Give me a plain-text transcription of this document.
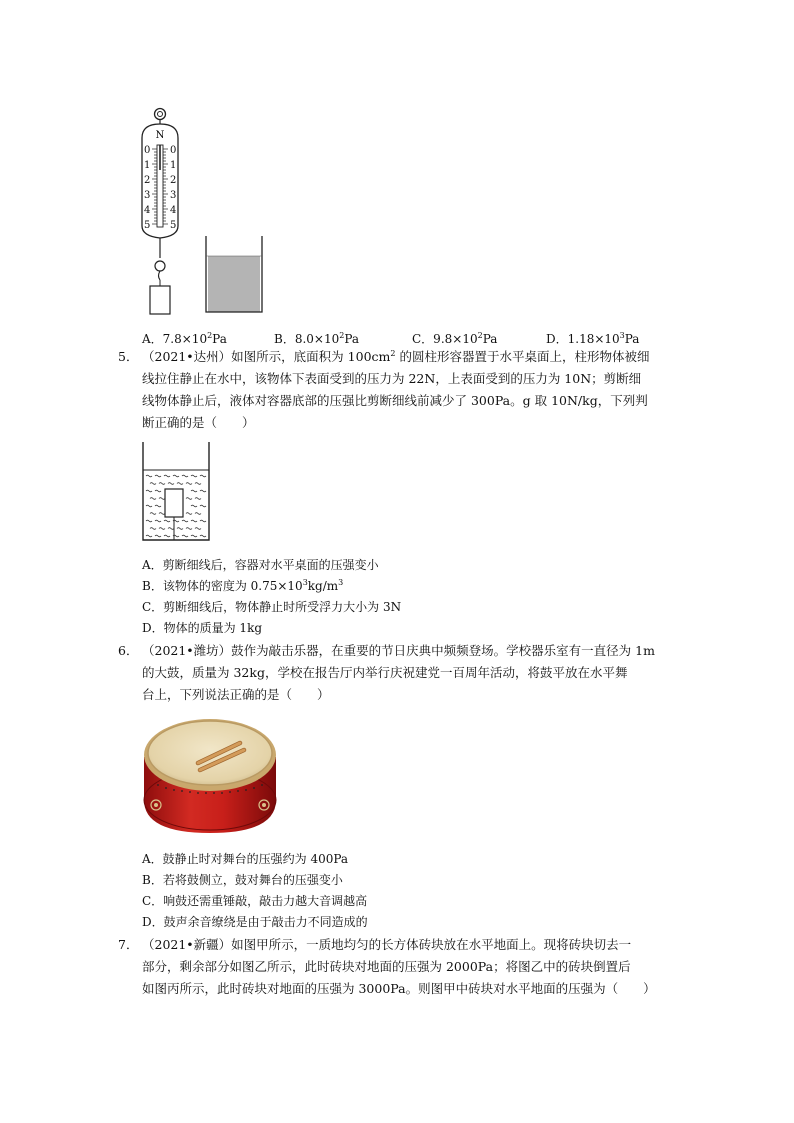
N
0
1
2
3
4
5
0
1
2
3
4
5
A．$7.8\times 10^2Pa$	B．$8.0\times 10^2Pa$	C．$9.8\times 10^2Pa$	D．$1.18\times 10^3Pa$
5． （2021•达州）如图所示，底面积为 $100cm^2$ 的圆柱形容器置于水平桌面上，柱形物体被细
线拉住静止在水中，该物体下表面受到的压力为 22N，上表面受到的压力为 10N；剪断细
线物体静止后，液体对容器底部的压强比剪断细线前减少了 300Pa。g 取 10N/kg，下列判
断正确的是（　　）
A．剪断细线后，容器对水平桌面的压强变小
B．该物体的密度为 $0.75\times 10^3kg/m^3$
C．剪断细线后，物体静止时所受浮力大小为 3N
D．物体的质量为 1kg
6． （2021•潍坊）鼓作为敲击乐器，在重要的节日庆典中频频登场。学校器乐室有一直径为 1m
的大鼓，质量为 32kg，学校在报告厅内举行庆祝建党一百周年活动，将鼓平放在水平舞
台上，下列说法正确的是（　　）
A．鼓静止时对舞台的压强约为 400Pa
B．若将鼓侧立，鼓对舞台的压强变小
C．响鼓还需重锤敲，敲击力越大音调越高
D．鼓声余音缭绕是由于敲击力不同造成的
7． （2021•新疆）如图甲所示，一质地均匀的长方体砖块放在水平地面上。现将砖块切去一
部分，剩余部分如图乙所示，此时砖块对地面的压强为 2000Pa；将图乙中的砖块倒置后
如图丙所示，此时砖块对地面的压强为 3000Pa。则图甲中砖块对水平地面的压强为（　　）
